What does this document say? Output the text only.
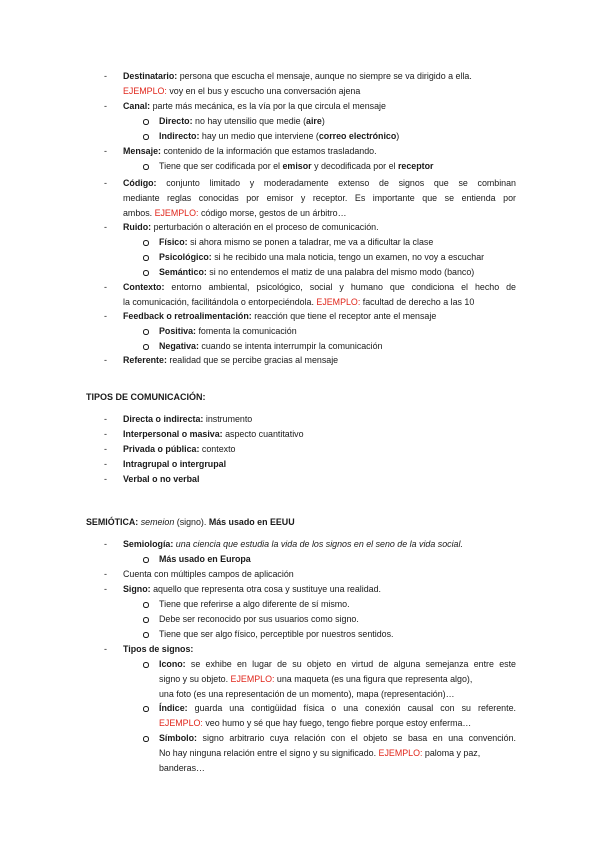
- Destinatario: persona que escucha el mensaje, aunque no siempre se va dirigido a ella.
EJEMPLO: voy en el bus y escucho una conversación ajena
- Canal: parte más mecánica, es la vía por la que circula el mensaje
Directo: no hay utensilio que medie (aire)
Indirecto: hay un medio que interviene (correo electrónico)
- Mensaje: contenido de la información que estamos trasladando.
Tiene que ser codificada por el emisor y decodificada por el receptor
- Código: conjunto limitado y moderadamente extenso de signos que se combinan
mediante reglas conocidas por emisor y receptor. Es importante que se entienda por
ambos. EJEMPLO: código morse, gestos de un árbitro…
- Ruido: perturbación o alteración en el proceso de comunicación.
Físico: si ahora mismo se ponen a taladrar, me va a dificultar la clase
Psicológico: si he recibido una mala noticia, tengo un examen, no voy a escuchar
Semántico: si no entendemos el matiz de una palabra del mismo modo (banco)
- Contexto: entorno ambiental, psicológico, social y humano que condiciona el hecho de
la comunicación, facilitándola o entorpeciéndola. EJEMPLO: facultad de derecho a las 10
- Feedback o retroalimentación: reacción que tiene el receptor ante el mensaje
Positiva: fomenta la comunicación
Negativa: cuando se intenta interrumpir la comunicación
- Referente: realidad que se percibe gracias al mensaje
TIPOS DE COMUNICACIÓN:
- Directa o indirecta: instrumento
- Interpersonal o masiva: aspecto cuantitativo
- Privada o pública: contexto
- Intragrupal o intergrupal
- Verbal o no verbal
SEMIÓTICA: semeion (signo). Más usado en EEUU
- Semiología: una ciencia que estudia la vida de los signos en el seno de la vida social.
Más usado en Europa
- Cuenta con múltiples campos de aplicación
- Signo: aquello que representa otra cosa y sustituye una realidad.
Tiene que referirse a algo diferente de sí mismo.
Debe ser reconocido por sus usuarios como signo.
Tiene que ser algo físico, perceptible por nuestros sentidos.
- Tipos de signos:
Icono: se exhibe en lugar de su objeto en virtud de alguna semejanza entre este
signo y su objeto. EJEMPLO: una maqueta (es una figura que representa algo),
una foto (es una representación de un momento), mapa (representación)…
Índice: guarda una contigüidad física o una conexión causal con su referente.
EJEMPLO: veo humo y sé que hay fuego, tengo fiebre porque estoy enferma…
Símbolo: signo arbitrario cuya relación con el objeto se basa en una convención.
No hay ninguna relación entre el signo y su significado. EJEMPLO: paloma y paz,
banderas…
